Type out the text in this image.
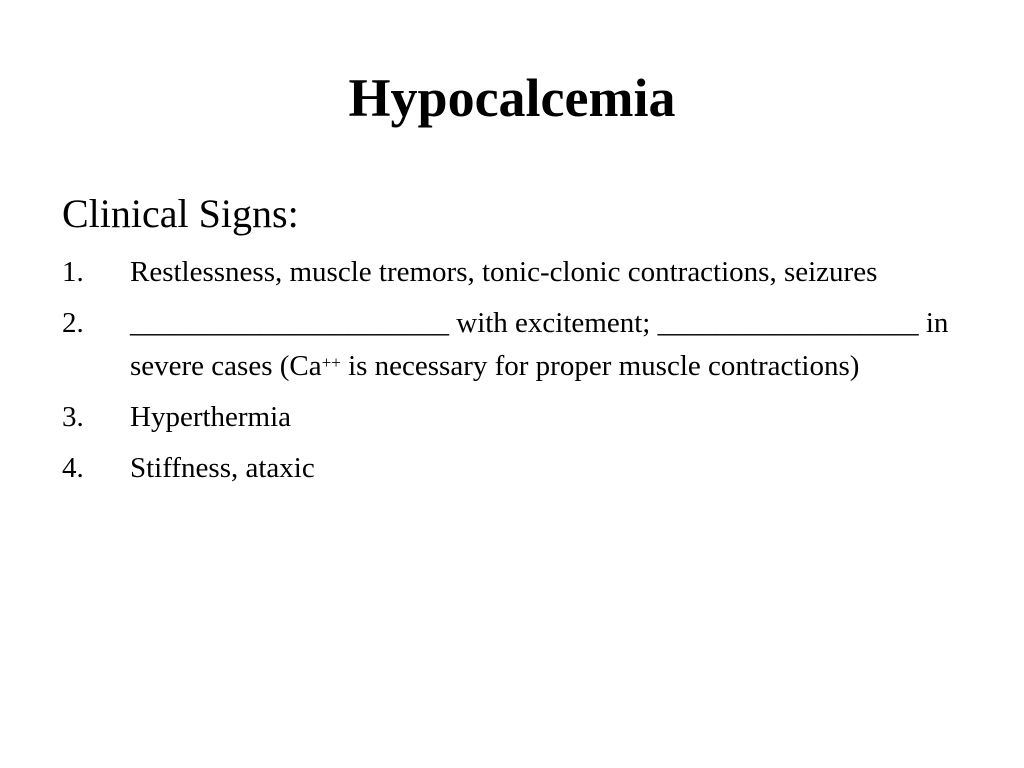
Hypocalcemia
Clinical Signs:
1. Restlessness, muscle tremors, tonic-clonic contractions, seizures
2. ______________________ with excitement; __________________ in severe cases (Ca++ is necessary for proper muscle contractions)
3. Hyperthermia
4. Stiffness, ataxic
